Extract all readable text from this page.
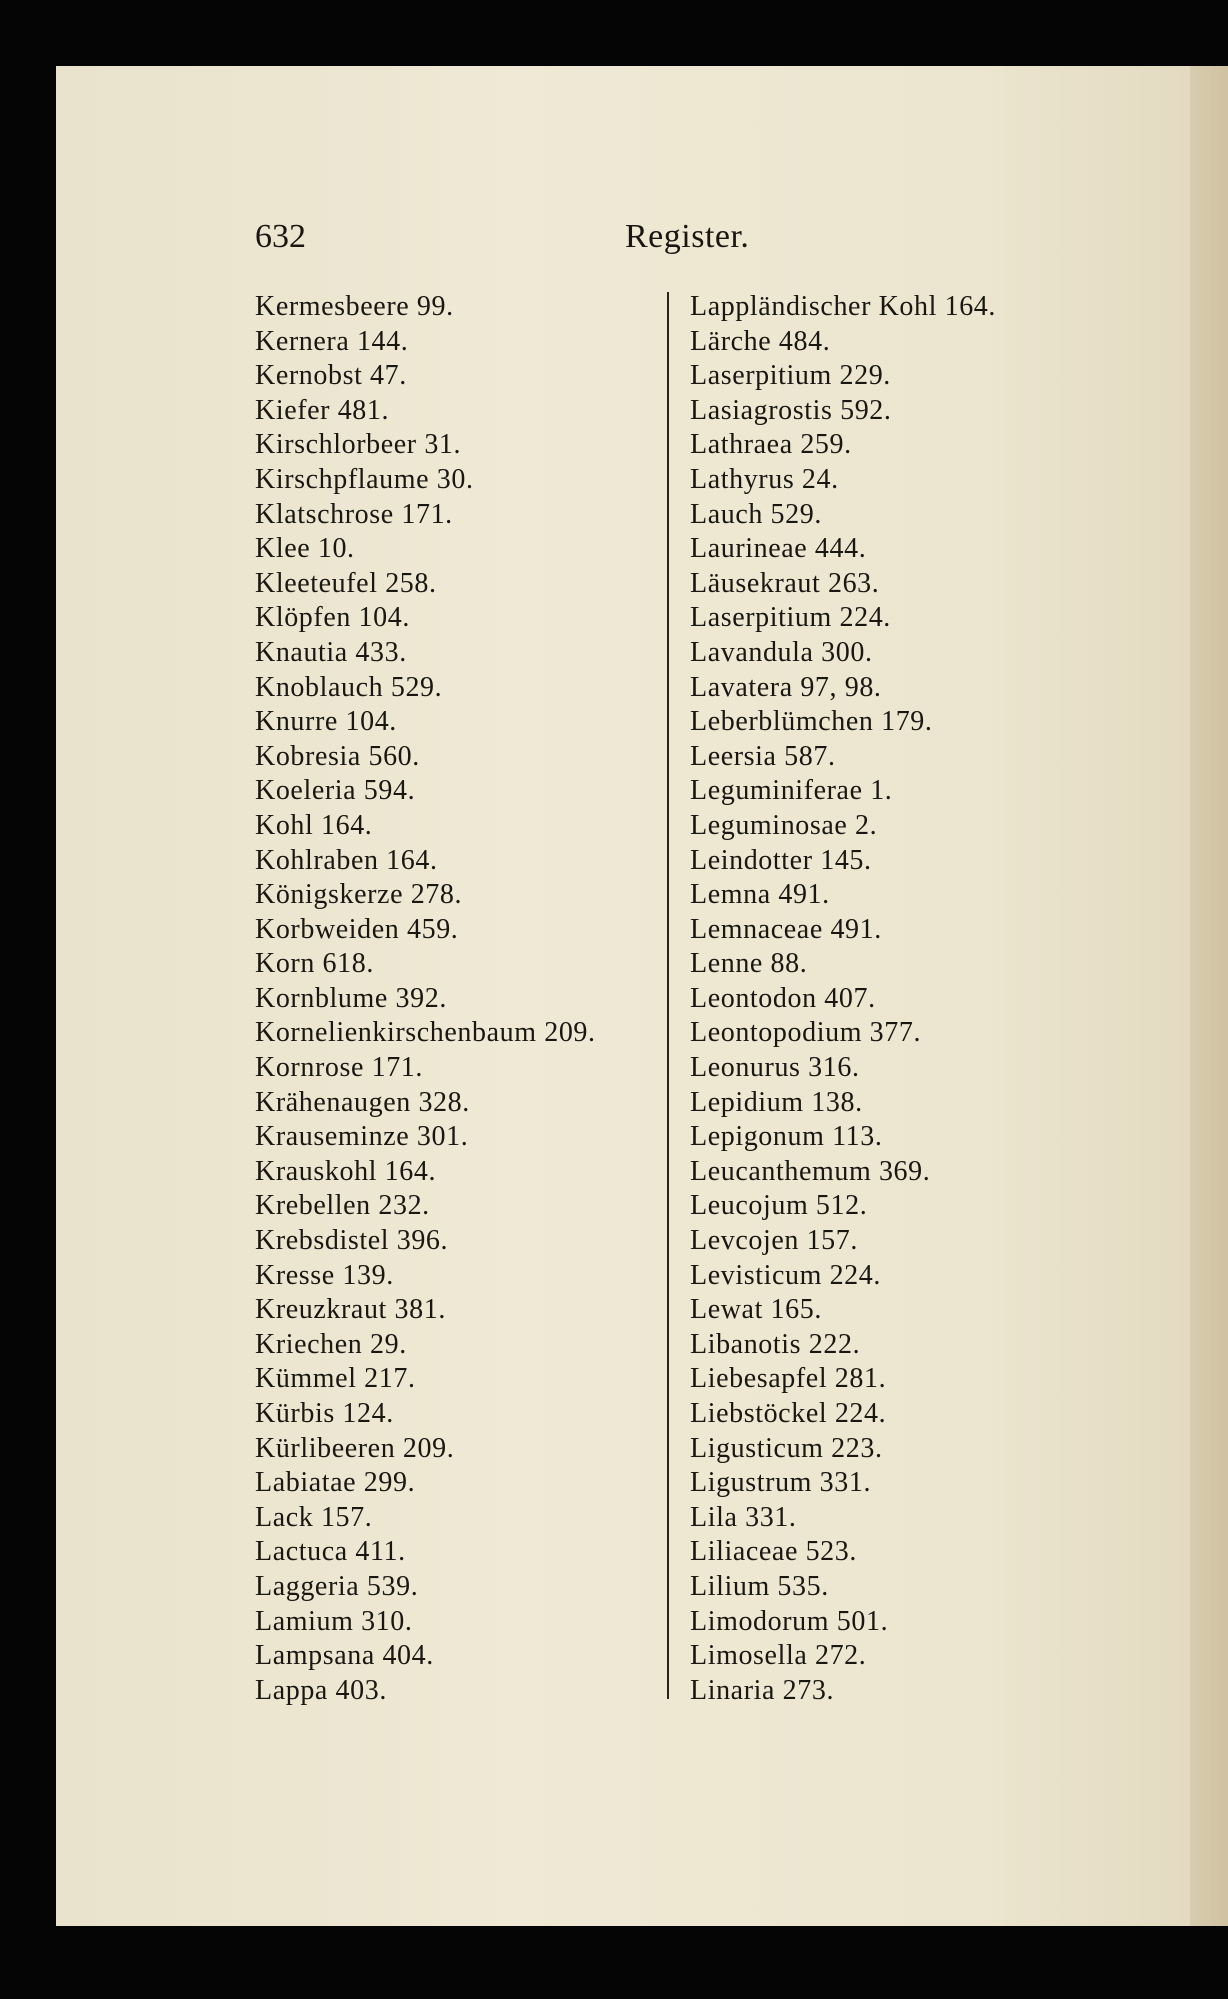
632	Register.
Kermesbeere 99.
Kernera 144.
Kernobst 47.
Kiefer 481.
Kirschlorbeer 31.
Kirschpflaume 30.
Klatschrose 171.
Klee 10.
Kleeteufel 258.
Klöpfen 104.
Knautia 433.
Knoblauch 529.
Knurre 104.
Kobresia 560.
Koeleria 594.
Kohl 164.
Kohlraben 164.
Königskerze 278.
Korbweiden 459.
Korn 618.
Kornblume 392.
Kornelienkirschenbaum 209.
Kornrose 171.
Krähenaugen 328.
Krauseminze 301.
Krauskohl 164.
Krebellen 232.
Krebsdistel 396.
Kresse 139.
Kreuzkraut 381.
Kriechen 29.
Kümmel 217.
Kürbis 124.
Kürlibeeren 209.
Labiatae 299.
Lack 157.
Lactuca 411.
Laggeria 539.
Lamium 310.
Lampsana 404.
Lappa 403.
Lappländischer Kohl 164.
Lärche 484.
Laserpitium 229.
Lasiagrostis 592.
Lathraea 259.
Lathyrus 24.
Lauch 529.
Laurineae 444.
Läusekraut 263.
Laserpitium 224.
Lavandula 300.
Lavatera 97, 98.
Leberblümchen 179.
Leersia 587.
Leguminiferae 1.
Leguminosae 2.
Leindotter 145.
Lemna 491.
Lemnaceae 491.
Lenne 88.
Leontodon 407.
Leontopodium 377.
Leonurus 316.
Lepidium 138.
Lepigonum 113.
Leucanthemum 369.
Leucojum 512.
Levcojen 157.
Levisticum 224.
Lewat 165.
Libanotis 222.
Liebesapfel 281.
Liebstöckel 224.
Ligusticum 223.
Ligustrum 331.
Lila 331.
Liliaceae 523.
Lilium 535.
Limodorum 501.
Limosella 272.
Linaria 273.
